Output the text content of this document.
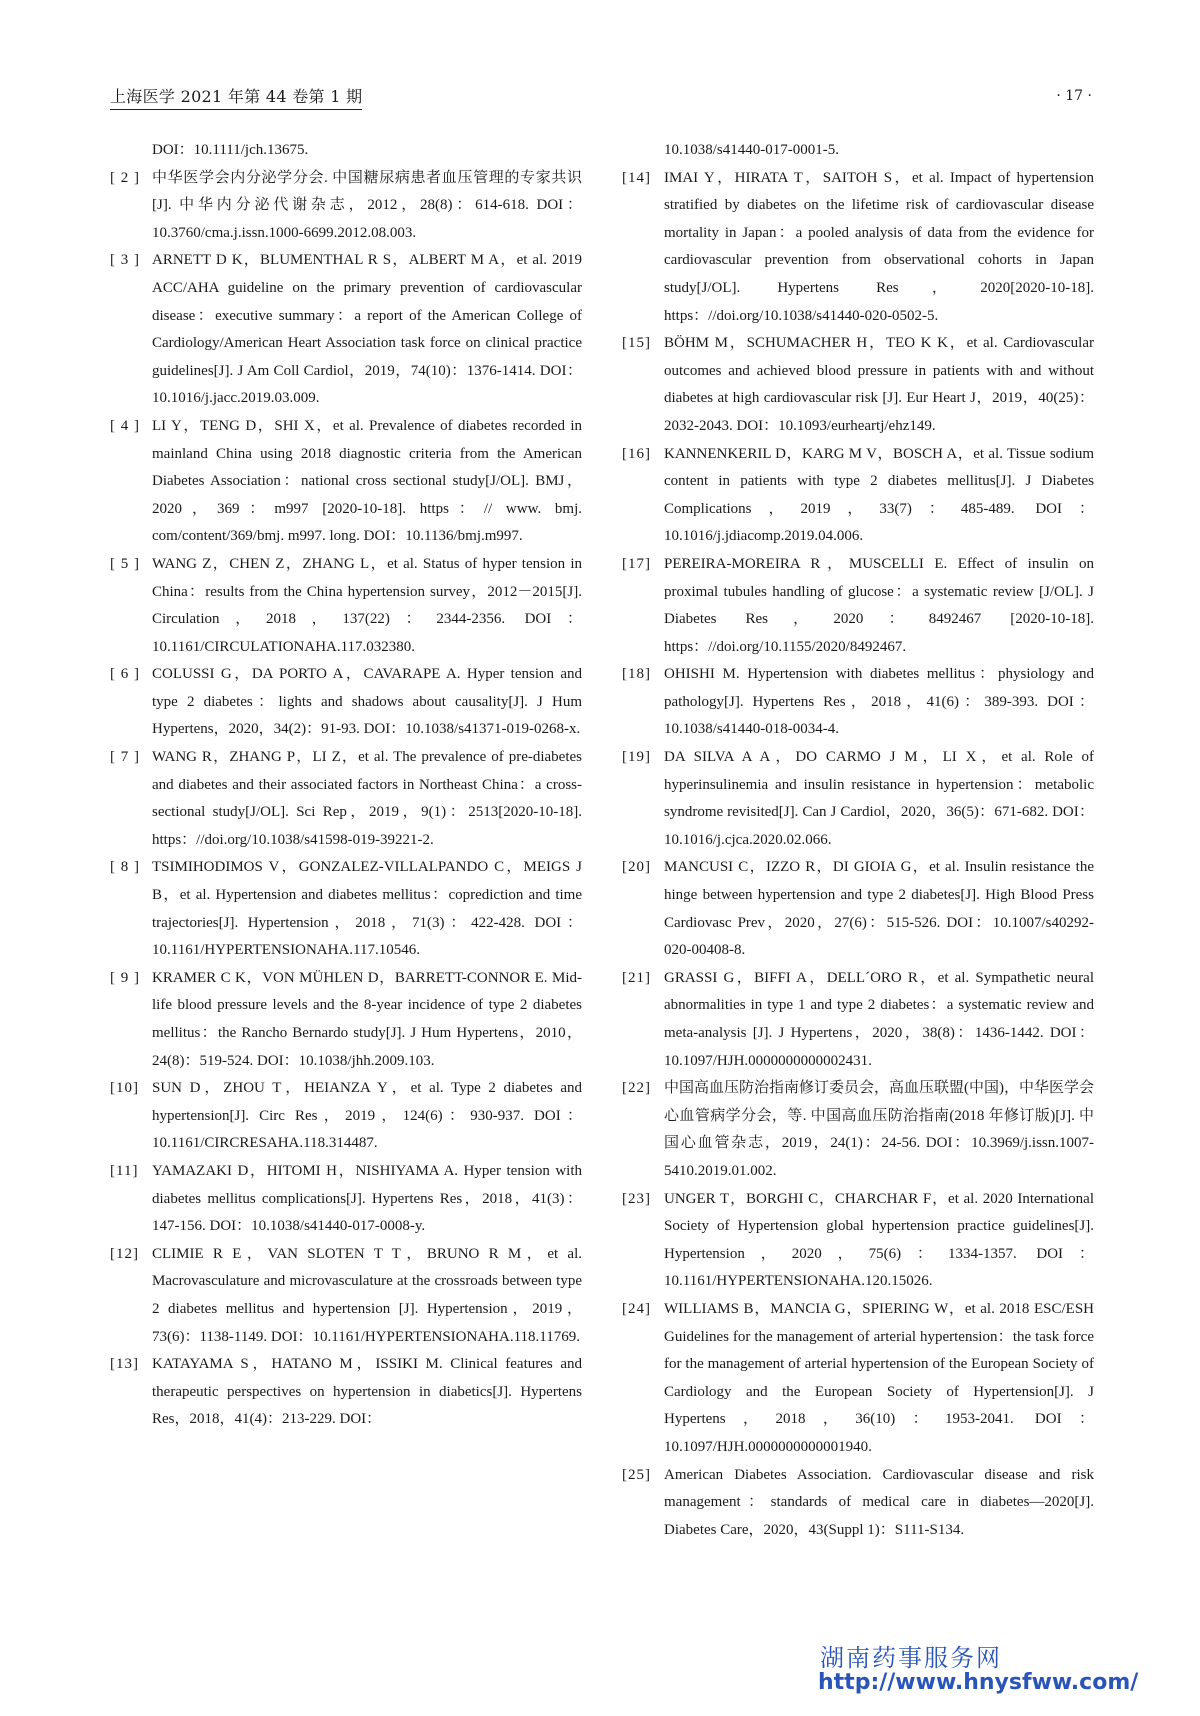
上海医学 2021 年第 44 卷第 1 期	· 17 ·
DOI：10.1111/jch.13675.
[ 2 ] 中华医学会内分泌学分会. 中国糖尿病患者血压管理的专家共识[J]. 中华内分泌代谢杂志，2012，28(8)：614-618. DOI：10.3760/cma.j.issn.1000-6699.2012.08.003.
[ 3 ] ARNETT D K，BLUMENTHAL R S，ALBERT M A，et al. 2019 ACC/AHA guideline on the primary prevention of cardiovascular disease：executive summary：a report of the American College of Cardiology/American Heart Association task force on clinical practice guidelines[J]. J Am Coll Cardiol，2019，74(10)：1376-1414. DOI：10.1016/j.jacc.2019.03.009.
[ 4 ] LI Y，TENG D，SHI X，et al. Prevalence of diabetes recorded in mainland China using 2018 diagnostic criteria from the American Diabetes Association：national cross sectional study[J/OL]. BMJ，2020，369：m997 [2020-10-18]. https：// www. bmj. com/content/369/bmj. m997. long. DOI：10.1136/bmj.m997.
[ 5 ] WANG Z，CHEN Z，ZHANG L，et al. Status of hyper tension in China：results from the China hypertension survey，2012－2015[J]. Circulation，2018，137(22)：2344-2356. DOI：10.1161/CIRCULATIONAHA.117.032380.
[ 6 ] COLUSSI G，DA PORTO A，CAVARAPE A. Hyper tension and type 2 diabetes：lights and shadows about causality[J]. J Hum Hypertens，2020，34(2)：91-93. DOI：10.1038/s41371-019-0268-x.
[ 7 ] WANG R，ZHANG P，LI Z，et al. The prevalence of pre-diabetes and diabetes and their associated factors in Northeast China：a cross-sectional study[J/OL]. Sci Rep，2019，9(1)：2513[2020-10-18]. https：//doi.org/10.1038/s41598-019-39221-2.
[ 8 ] TSIMIHODIMOS V，GONZALEZ-VILLALPANDO C，MEIGS J B，et al. Hypertension and diabetes mellitus：coprediction and time trajectories[J]. Hypertension，2018，71(3)：422-428. DOI：10.1161/HYPERTENSIONAHA.117.10546.
[ 9 ] KRAMER C K，VON MÜHLEN D，BARRETT-CONNOR E. Mid-life blood pressure levels and the 8-year incidence of type 2 diabetes mellitus：the Rancho Bernardo study[J]. J Hum Hypertens，2010，24(8)：519-524. DOI：10.1038/jhh.2009.103.
[10] SUN D，ZHOU T，HEIANZA Y，et al. Type 2 diabetes and hypertension[J]. Circ Res，2019，124(6)：930-937. DOI：10.1161/CIRCRESAHA.118.314487.
[11] YAMAZAKI D，HITOMI H，NISHIYAMA A. Hyper tension with diabetes mellitus complications[J]. Hypertens Res，2018，41(3)：147-156. DOI：10.1038/s41440-017-0008-y.
[12] CLIMIE R E，VAN SLOTEN T T，BRUNO R M，et al. Macrovasculature and microvasculature at the crossroads between type 2 diabetes mellitus and hypertension [J]. Hypertension，2019，73(6)：1138-1149. DOI：10.1161/HYPERTENSIONAHA.118.11769.
[13] KATAYAMA S，HATANO M，ISSIKI M. Clinical features and therapeutic perspectives on hypertension in diabetics[J]. Hypertens Res，2018，41(4)：213-229. DOI：
10.1038/s41440-017-0001-5.
[14] IMAI Y，HIRATA T，SAITOH S，et al. Impact of hypertension stratified by diabetes on the lifetime risk of cardiovascular disease mortality in Japan：a pooled analysis of data from the evidence for cardiovascular prevention from observational cohorts in Japan study[J/OL]. Hypertens Res，2020[2020-10-18]. https：//doi.org/10.1038/s41440-020-0502-5.
[15] BÖHM M，SCHUMACHER H，TEO K K，et al. Cardiovascular outcomes and achieved blood pressure in patients with and without diabetes at high cardiovascular risk [J]. Eur Heart J，2019，40(25)：2032-2043. DOI：10.1093/eurheartj/ehz149.
[16] KANNENKERIL D，KARG M V，BOSCH A，et al. Tissue sodium content in patients with type 2 diabetes mellitus[J]. J Diabetes Complications，2019，33(7)：485-489. DOI：10.1016/j.jdiacomp.2019.04.006.
[17] PEREIRA-MOREIRA R，MUSCELLI E. Effect of insulin on proximal tubules handling of glucose：a systematic review [J/OL]. J Diabetes Res，2020：8492467 [2020-10-18]. https：//doi.org/10.1155/2020/8492467.
[18] OHISHI M. Hypertension with diabetes mellitus：physiology and pathology[J]. Hypertens Res，2018，41(6)：389-393. DOI：10.1038/s41440-018-0034-4.
[19] DA SILVA A A，DO CARMO J M，LI X，et al. Role of hyperinsulinemia and insulin resistance in hypertension：metabolic syndrome revisited[J]. Can J Cardiol，2020，36(5)：671-682. DOI：10.1016/j.cjca.2020.02.066.
[20] MANCUSI C，IZZO R，DI GIOIA G，et al. Insulin resistance the hinge between hypertension and type 2 diabetes[J]. High Blood Press Cardiovasc Prev，2020，27(6)：515-526. DOI：10.1007/s40292-020-00408-8.
[21] GRASSI G，BIFFI A，DELL´ORO R，et al. Sympathetic neural abnormalities in type 1 and type 2 diabetes：a systematic review and meta-analysis [J]. J Hypertens，2020，38(8)：1436-1442. DOI：10.1097/HJH.0000000000002431.
[22] 中国高血压防治指南修订委员会，高血压联盟(中国)，中华医学会心血管病学分会，等. 中国高血压防治指南(2018 年修订版)[J]. 中国心血管杂志，2019，24(1)：24-56. DOI：10.3969/j.issn.1007-5410.2019.01.002.
[23] UNGER T，BORGHI C，CHARCHAR F，et al. 2020 International Society of Hypertension global hypertension practice guidelines[J]. Hypertension，2020，75(6)：1334-1357. DOI：10.1161/HYPERTENSIONAHA.120.15026.
[24] WILLIAMS B，MANCIA G，SPIERING W，et al. 2018 ESC/ESH Guidelines for the management of arterial hypertension：the task force for the management of arterial hypertension of the European Society of Cardiology and the European Society of Hypertension[J]. J Hypertens，2018，36(10)：1953-2041. DOI：10.1097/HJH.0000000000001940.
[25] American Diabetes Association. Cardiovascular disease and risk management：standards of medical care in diabetes—2020[J]. Diabetes Care，2020，43(Suppl 1)：S111-S134.
湖南药事服务网
http://www.hnysfww.com/
